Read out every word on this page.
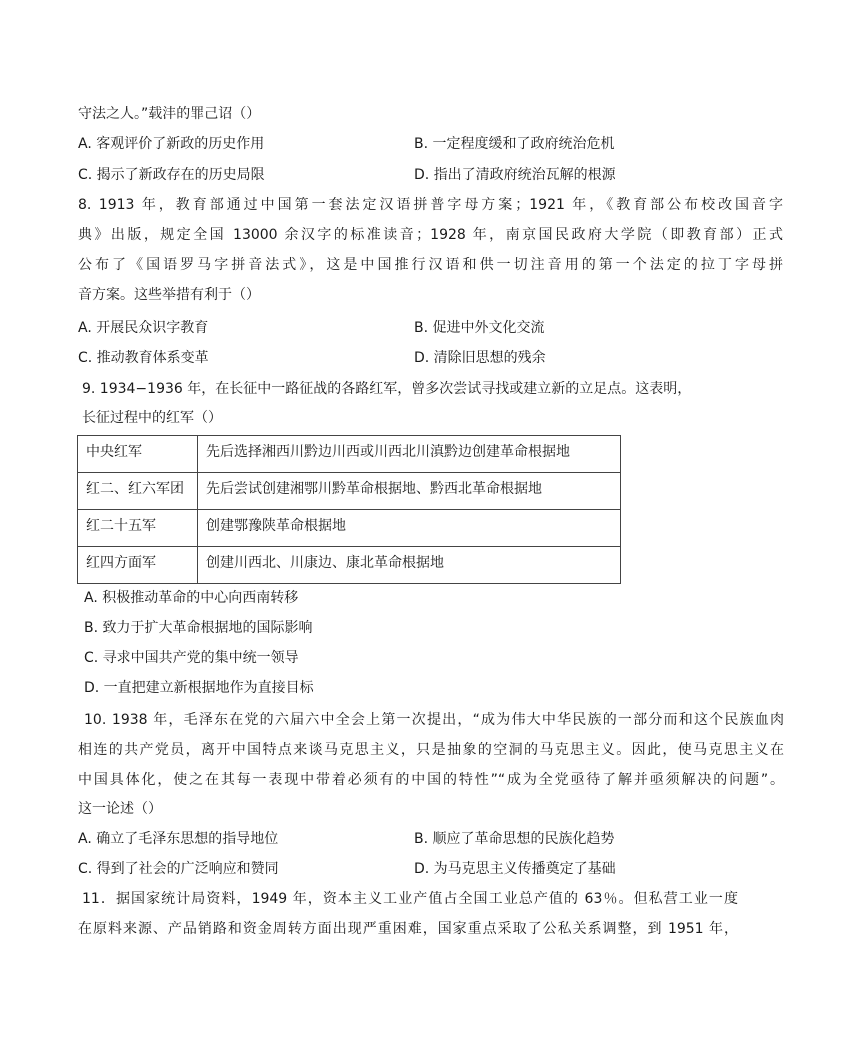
守法之人。”载沣的罪己诏（）
A. 客观评价了新政的历史作用	B. 一定程度缓和了政府统治危机
C. 揭示了新政存在的历史局限	D. 指出了清政府统治瓦解的根源
8. 1913 年，教育部通过中国第一套法定汉语拼普字母方案；1921 年，《教育部公布校改国音字
典》出版，规定全国 13000 余汉字的标准读音；1928 年，南京国民政府大学院（即教育部）正式
公布了《国语罗马字拼音法式》，这是中国推行汉语和供一切注音用的第一个法定的拉丁字母拼
音方案。这些举措有利于（）
A. 开展民众识字教育	B. 促进中外文化交流
C. 推动教育体系变革	D. 清除旧思想的残余
9. 1934−1936 年，在长征中一路征战的各路红军，曾多次尝试寻找或建立新的立足点。这表明，
长征过程中的红军（）
中央红军	先后选择湘西川黔边川西或川西北川滇黔边创建革命根据地
红二、红六军团	先后尝试创建湘鄂川黔革命根据地、黔西北革命根据地
红二十五军	创建鄂豫陕革命根据地
红四方面军	创建川西北、川康边、康北革命根据地
A. 积极推动革命的中心向西南转移
B. 致力于扩大革命根据地的国际影响
C. 寻求中国共产党的集中统一领导
D. 一直把建立新根据地作为直接目标
10. 1938 年，毛泽东在党的六届六中全会上第一次提出，“成为伟大中华民族的一部分而和这个民族血肉
相连的共产党员，离开中国特点来谈马克思主义，只是抽象的空洞的马克思主义。因此，使马克思主义在
中国具体化，使之在其每一表现中带着必须有的中国的特性”“成为全党亟待了解并亟须解决的问题”。
这一论述（）
A. 确立了毛泽东思想的指导地位	B. 顺应了革命思想的民族化趋势
C. 得到了社会的广泛响应和赞同	D. 为马克思主义传播奠定了基础
11．据国家统计局资料，1949 年，资本主义工业产值占全国工业总产值的 63％。但私营工业一度
在原料来源、产品销路和资金周转方面出现严重困难，国家重点采取了公私关系调整，到 1951 年，
